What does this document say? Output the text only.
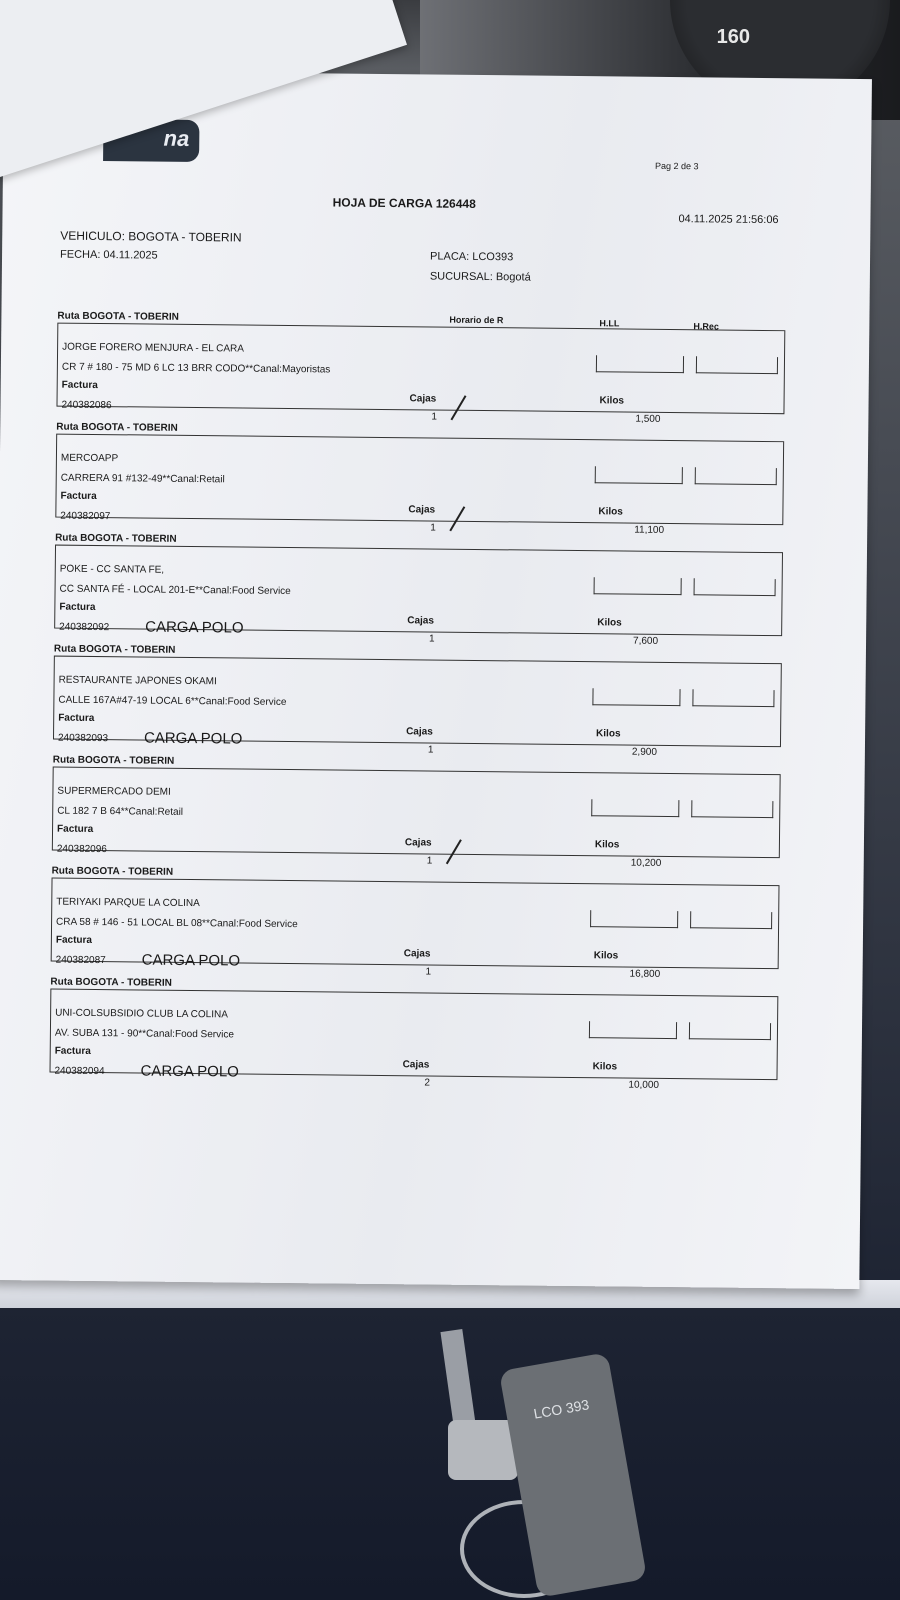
160
na
Pag 2 de 3
HOJA DE CARGA 126448
04.11.2025 21:56:06
VEHICULO: BOGOTA - TOBERIN
FECHA: 04.11.2025	PLACA: LCO393
SUCURSAL: Bogotá
Horario de R	H.LL	H.Rec
Ruta BOGOTA - TOBERIN
JORGE FORERO MENJURA - EL CARA
CR 7 # 180 - 75 MD 6 LC 13 BRR CODO**Canal:Mayoristas
Factura
240382086
Cajas
1
Kilos
1,500
Ruta BOGOTA - TOBERIN
MERCOAPP
CARRERA 91 #132-49**Canal:Retail
Factura
240382097
Cajas
1
Kilos
11,100
Ruta BOGOTA - TOBERIN
POKE - CC SANTA FE,
CC SANTA FÉ - LOCAL 201-E**Canal:Food Service
Factura
240382092 CARGA POLO	Cajas
1
Kilos
7,600
Ruta BOGOTA - TOBERIN
RESTAURANTE JAPONES OKAMI
CALLE 167A#47-19 LOCAL 6**Canal:Food Service
Factura
240382093 CARGA POLO	Cajas
1
Kilos
2,900
Ruta BOGOTA - TOBERIN
SUPERMERCADO DEMI
CL 182 7 B 64**Canal:Retail
Factura
240382096
Cajas
1
Kilos
10,200
Ruta BOGOTA - TOBERIN
TERIYAKI PARQUE LA COLINA
CRA 58 # 146 - 51 LOCAL BL 08**Canal:Food Service
Factura
240382087 CARGA POLO	Cajas
1
Kilos
16,800
Ruta BOGOTA - TOBERIN
UNI-COLSUBSIDIO CLUB LA COLINA
AV. SUBA 131 - 90**Canal:Food Service
Factura
240382094 CARGA POLO	Cajas
2
Kilos
10,000
LCO 393
